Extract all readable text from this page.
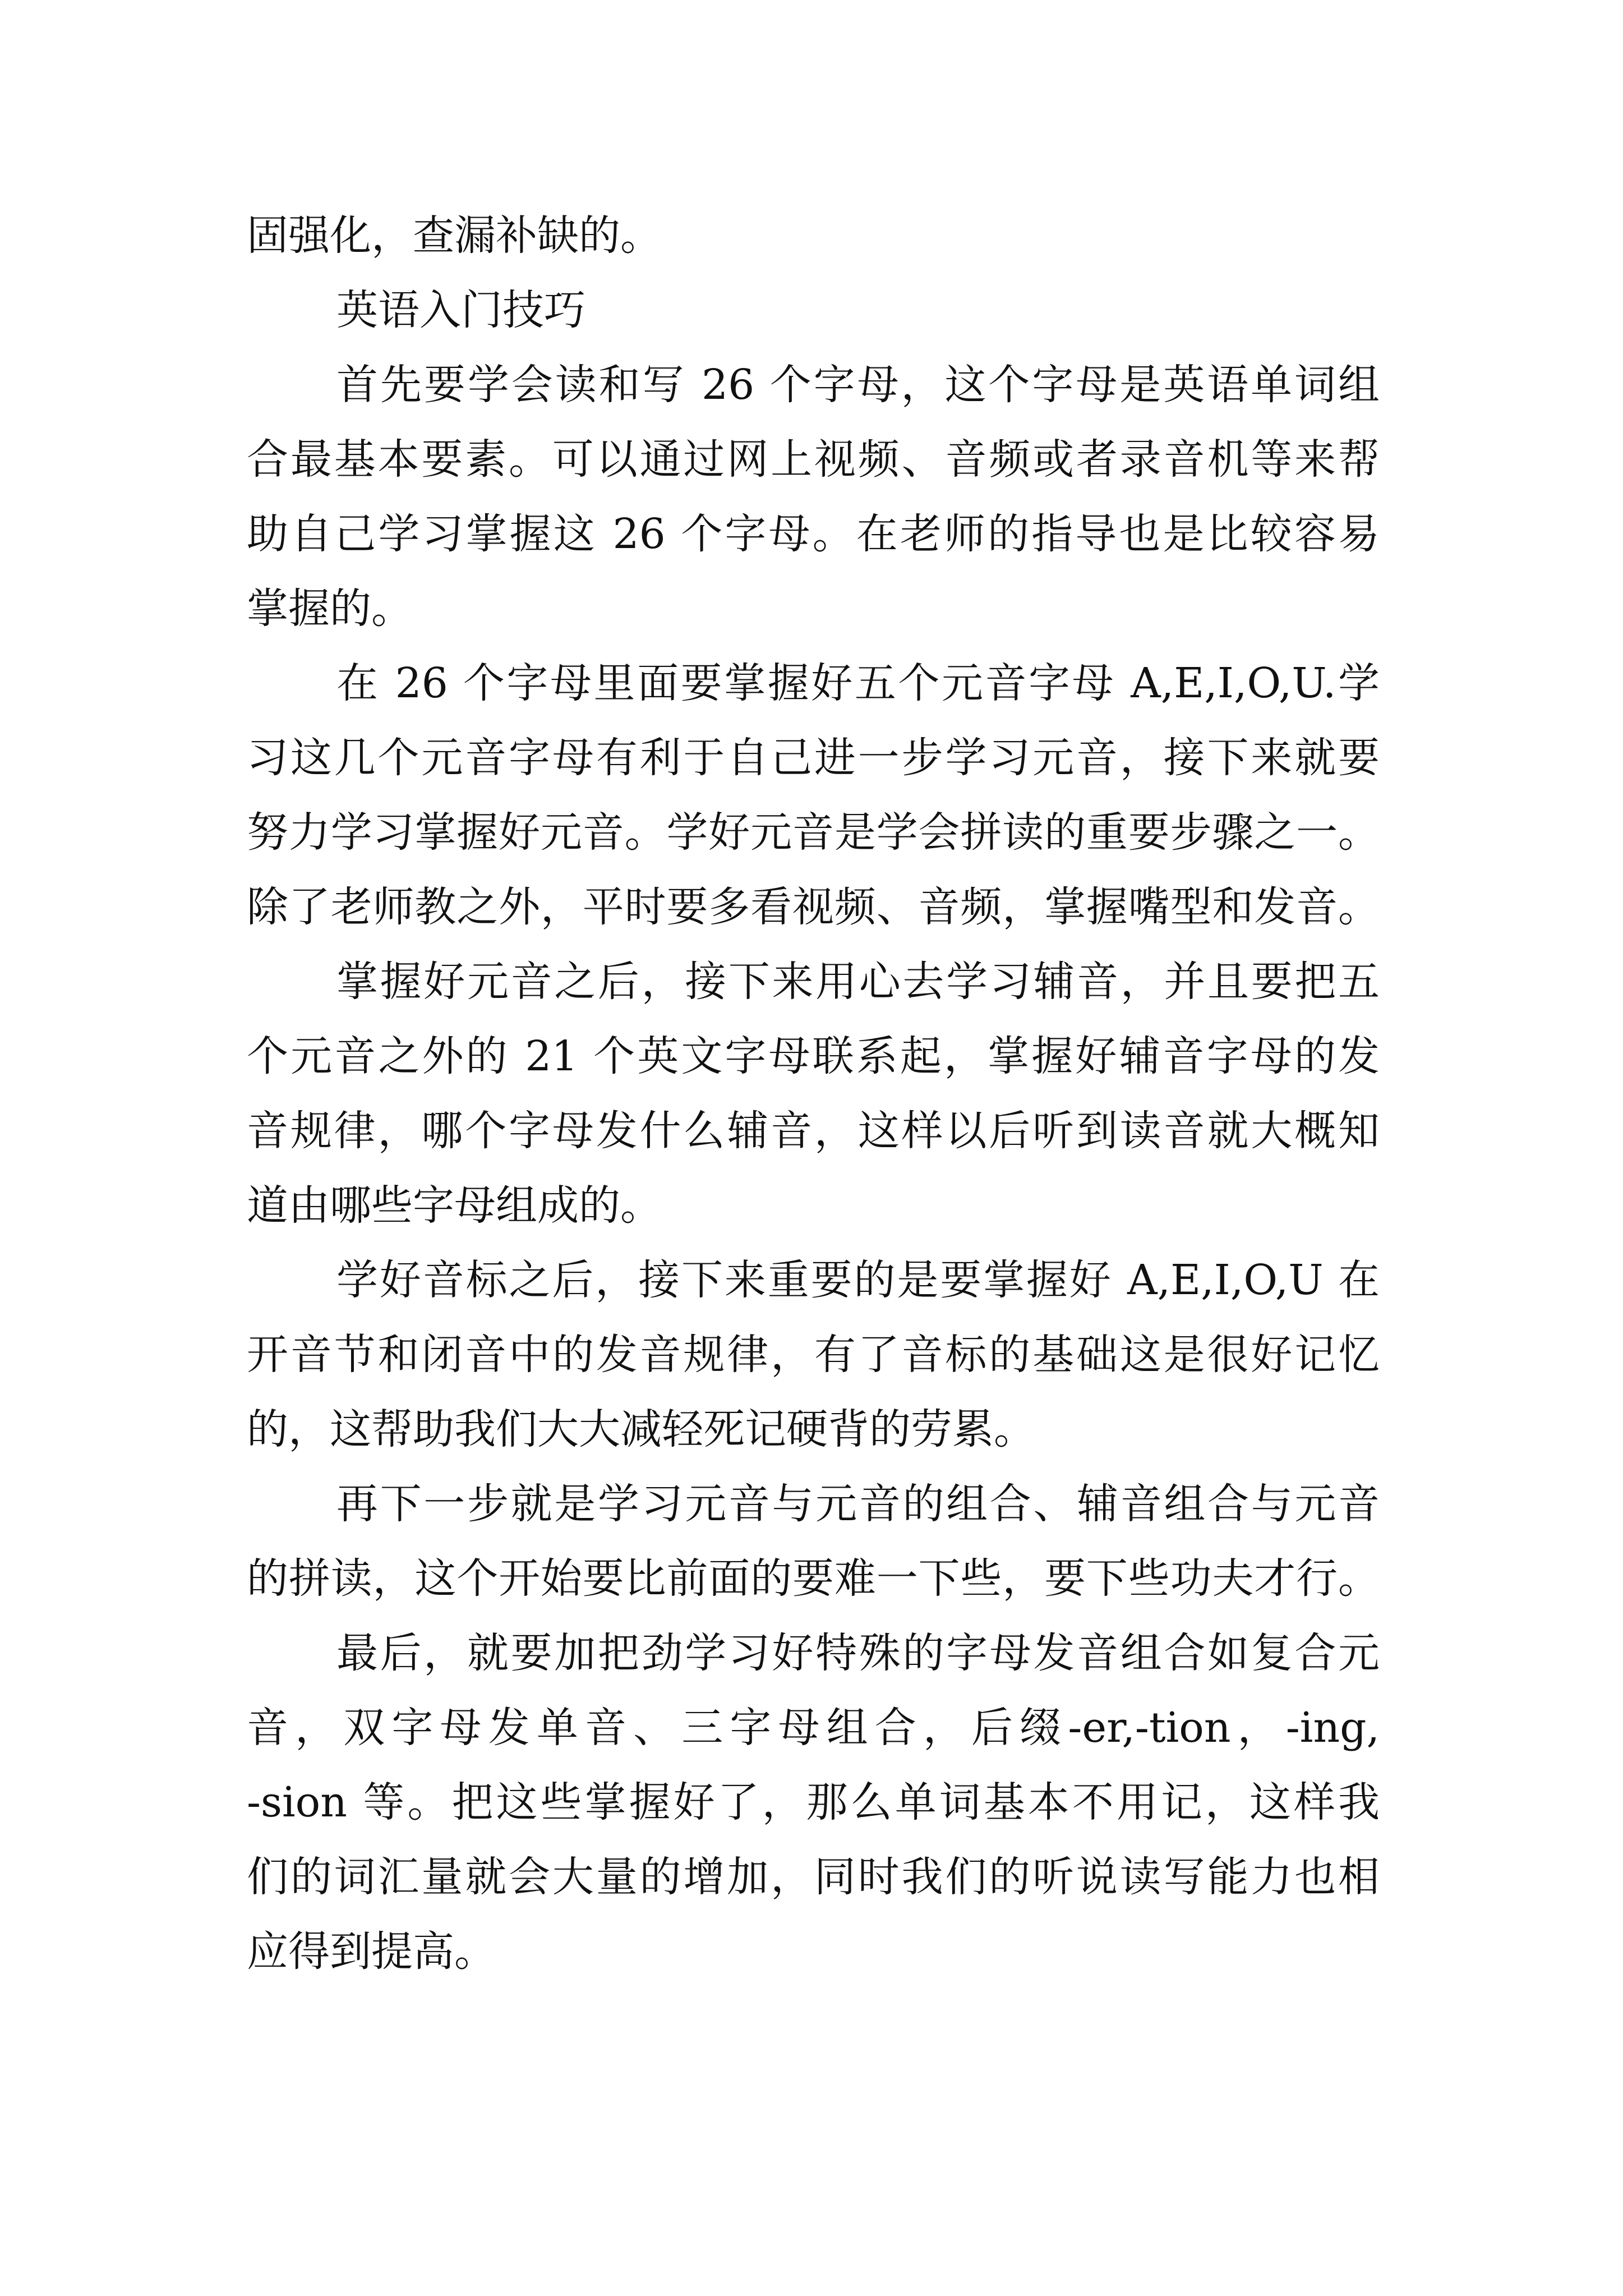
固强化，查漏补缺的。
英语入门技巧
首先要学会读和写 26 个字母，这个字母是英语单词组
合最基本要素。可以通过网上视频、音频或者录音机等来帮
助自己学习掌握这 26 个字母。在老师的指导也是比较容易
掌握的。
在 26 个字母里面要掌握好五个元音字母 A,E,I,O,U.学
习这几个元音字母有利于自己进一步学习元音，接下来就要
努力学习掌握好元音。学好元音是学会拼读的重要步骤之一。
除了老师教之外，平时要多看视频、音频，掌握嘴型和发音。
掌握好元音之后，接下来用心去学习辅音，并且要把五
个元音之外的 21 个英文字母联系起，掌握好辅音字母的发
音规律，哪个字母发什么辅音，这样以后听到读音就大概知
道由哪些字母组成的。
学好音标之后，接下来重要的是要掌握好 A,E,I,O,U 在
开音节和闭音中的发音规律，有了音标的基础这是很好记忆
的，这帮助我们大大减轻死记硬背的劳累。
再下一步就是学习元音与元音的组合、辅音组合与元音
的拼读，这个开始要比前面的要难一下些，要下些功夫才行。
最后，就要加把劲学习好特殊的字母发音组合如复合元
音，双字母发单音、三字母组合，后缀-er,-tion，-ing,
-sion 等。把这些掌握好了，那么单词基本不用记，这样我
们的词汇量就会大量的增加，同时我们的听说读写能力也相
应得到提高。
